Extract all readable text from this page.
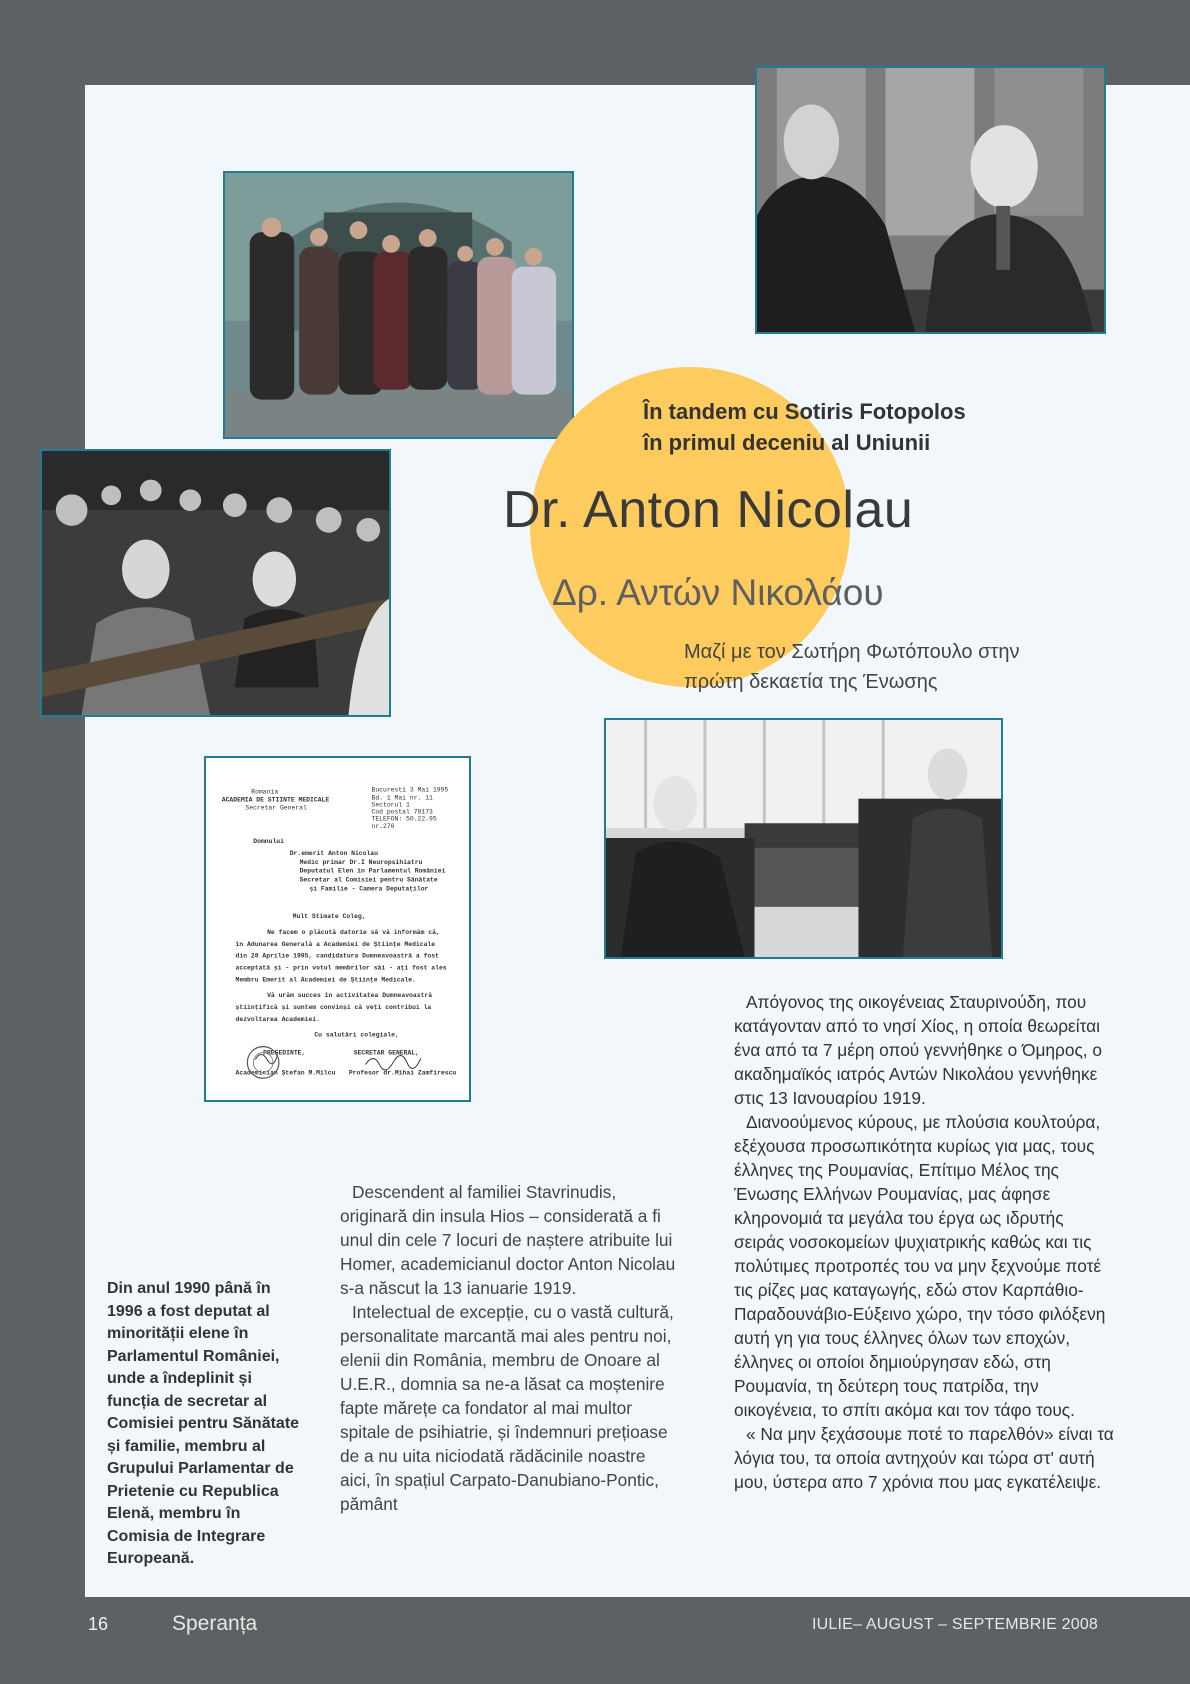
Romania
ACADEMIA DE STIINTE MEDICALE
Secretar General
Bucuresti 3 Mai 1995
Bd. 1 Mai nr. 11
Sectorul 1
Cod postal 78173
TELEFON: 50.22.95
nr.276
Domnului
Dr.emerit Anton Nicolau
Medic primar Dr.I Neuropsihiatru
Deputatul Elen în Parlamentul României
Secretar al Comisiei pentru Sănătate
și Familie - Camera Deputaților
Mult Stimate Coleg,
Ne facem o plăcută datorie să vă informăm că,
în Adunarea Generală a Academiei de Științe Medicale
din 28 Aprilie 1995, candidatura Dumneavoastră a fost
acceptată și - prin votul membrilor săi - ați fost ales
Membru Emerit al Academiei de Științe Medicale.
Vă urăm succes în activitatea Dumneavoastră
științifică și suntem convinși că veți contribui la
dezvoltarea Academiei.
Cu salutări colegiale,
PREȘEDINTE,	SECRETAR GENERAL,
Academician Ștefan M.Milcu Profesor dr.Mihai Zamfirescu
În tandem cu Sotiris Fotopolos
în primul deceniu al Uniunii
Dr. Anton Nicolau
Δρ. Αντών Νικολάου
Μαζί με τον Σωτήρη Φωτόπουλο στην
πρώτη δεκαετία της Ένωσης
Din anul 1990 până în 1996 a fost deputat al minorității elene în Parlamentul României, unde a îndeplinit și funcția de secretar al Comisiei pentru Sănătate și familie, membru al Grupului Parlamentar de Prietenie cu Republica Elenă, membru în Comisia de Integrare Europeană.

Descendent al familiei Stavrinudis, originară din insula Hios – considerată a fi unul din cele 7 locuri de naștere atribuite lui Homer, academicianul doctor Anton Nicolau s-a născut la 13 ianuarie 1919.

Intelectual de excepție, cu o vastă cultură, personalitate marcantă mai ales pentru noi, elenii din România, membru de Onoare al U.E.R., domnia sa ne-a lăsat ca moștenire fapte mărețe ca fondator al mai multor spitale de psihiatrie, și îndemnuri prețioase de a nu uita niciodată rădăcinile noastre aici, în spațiul Carpato-Danubiano-Pontic, pământ

Απόγονος της οικογένειας Σταυρινούδη, που κατάγονταν από το νησί Χίος, η οποία θεωρείται ένα από τα 7 μέρη οπού γεννήθηκε ο Όμηρος, ο ακαδημαϊκός ιατρός Αντών Νικολάου γεννήθηκε στις 13 Ιανουαρίου 1919.

Διανοούμενος κύρους, με πλούσια κουλτούρα, εξέχουσα προσωπικότητα κυρίως για μας, τους έλληνες της Ρουμανίας, Επίτιμο Μέλος της Ένωσης Ελλήνων Ρουμανίας, μας άφησε κληρονομιά τα μεγάλα του έργα ως ιδρυτής σειράς νοσοκομείων ψυχιατρικής καθώς και τις πολύτιμες προτροπές του να μην ξεχνούμε ποτέ τις ρίζες μας καταγωγής, εδώ στον Καρπάθιο-Παραδουνάβιο-Εύξεινο χώρο, την τόσο φιλόξενη αυτή γη για τους έλληνες όλων των εποχών, έλληνες οι οποίοι δημιούργησαν εδώ, στη Ρουμανία, τη δεύτερη τους πατρίδα, την οικογένεια, το σπίτι ακόμα και τον τάφο τους.

« Να μην ξεχάσουμε ποτέ το παρελθόν» είναι τα λόγια του, τα οποία αντηχούν και τώρα στ' αυτή μου, ύστερα απο 7 χρόνια που μας εγκατέλειψε.

16	Speranța	IULIE– AUGUST – SEPTEMBRIE 2008
